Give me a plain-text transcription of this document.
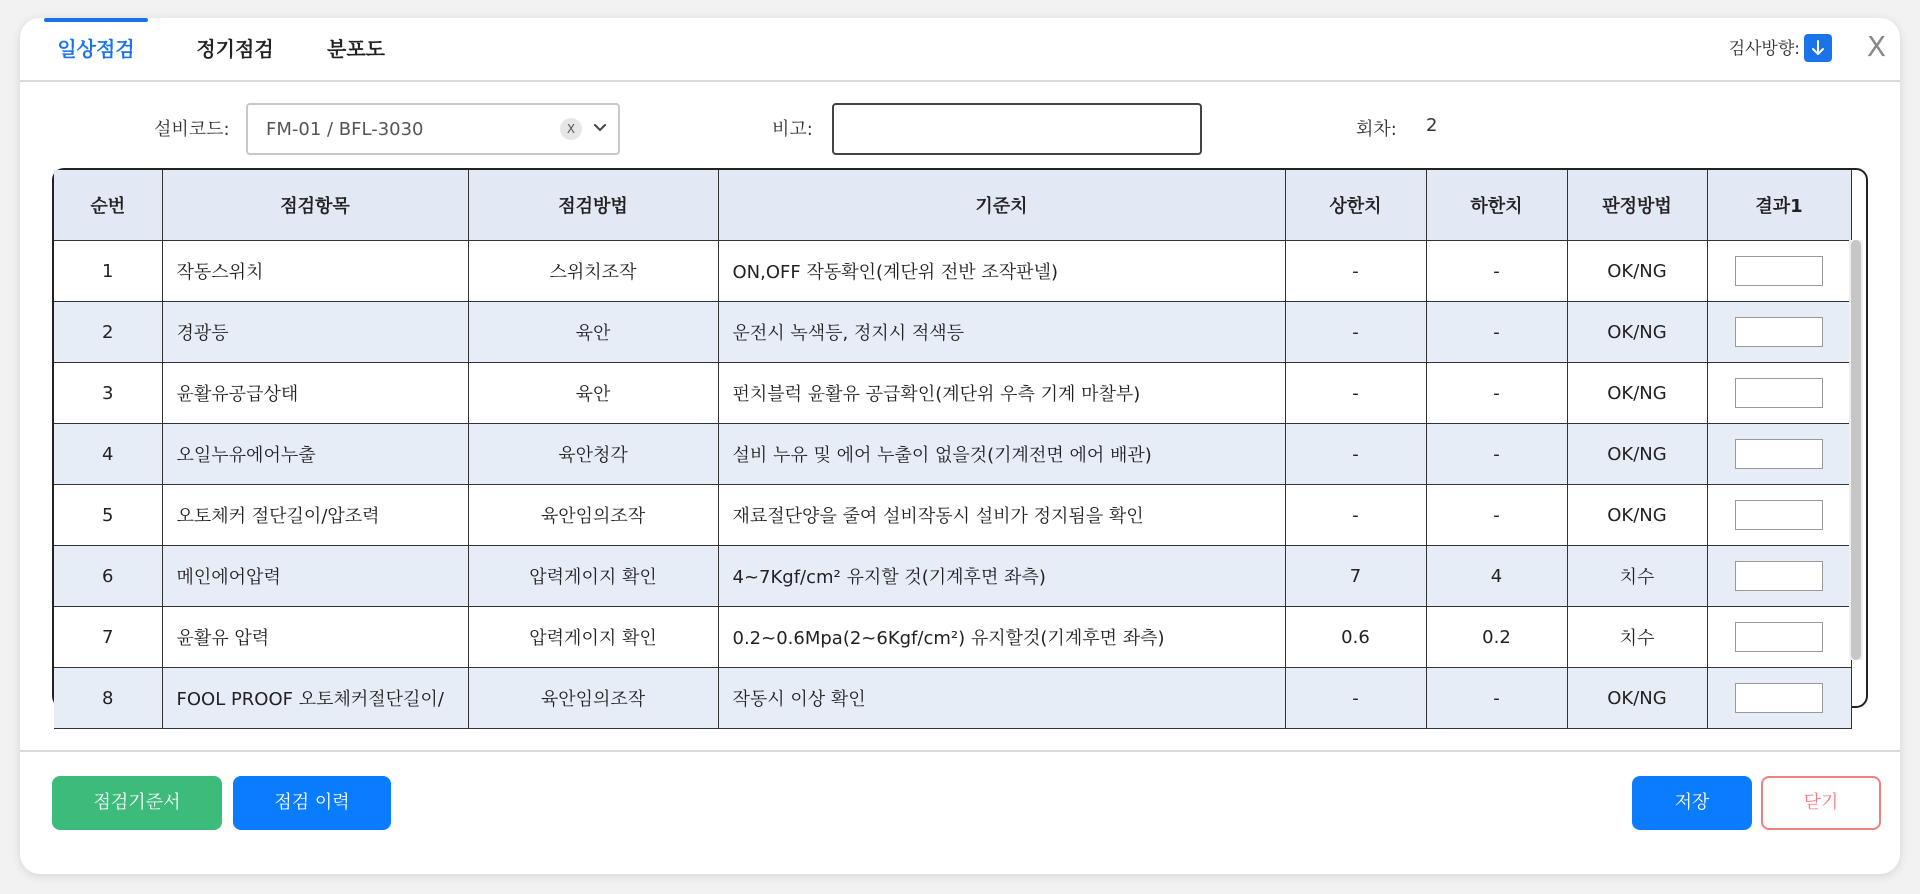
일상점검	정기점검	분포도	검사방향: X
설비코드: FM-01 / BFL-3030	X	비고:	회차: 2
순번	점검항목	점검방법	기준치	상한치	하한치	판정방법	결과1
1	작동스위치	스위치조작	ON,OFF 작동확인(계단위 전반 조작판넬)	-	-	OK/NG	
2	경광등	육안	운전시 녹색등, 정지시 적색등	-	-	OK/NG	
3	윤활유공급상태	육안	펀치블럭 윤활유 공급확인(계단위 우측 기계 마찰부)	-	-	OK/NG	
4	오일누유에어누출	육안청각	설비 누유 및 에어 누출이 없을것(기계전면 에어 배관)	-	-	OK/NG	
5	오토체커 절단길이/압조력	육안임의조작	재료절단양을 줄여 설비작동시 설비가 정지됨을 확인	-	-	OK/NG	
6	메인에어압력	압력게이지 확인	4~7Kgf/cm² 유지할 것(기계후면 좌측)	7	4	치수	
7	윤활유 압력	압력게이지 확인	0.2~0.6Mpa(2~6Kgf/cm²) 유지할것(기계후면 좌측)	0.6	0.2	치수	
8	FOOL PROOF 오토체커절단길이/	육안임의조작	작동시 이상 확인	-	-	OK/NG	
점검기준서	점검 이력	저장	닫기
